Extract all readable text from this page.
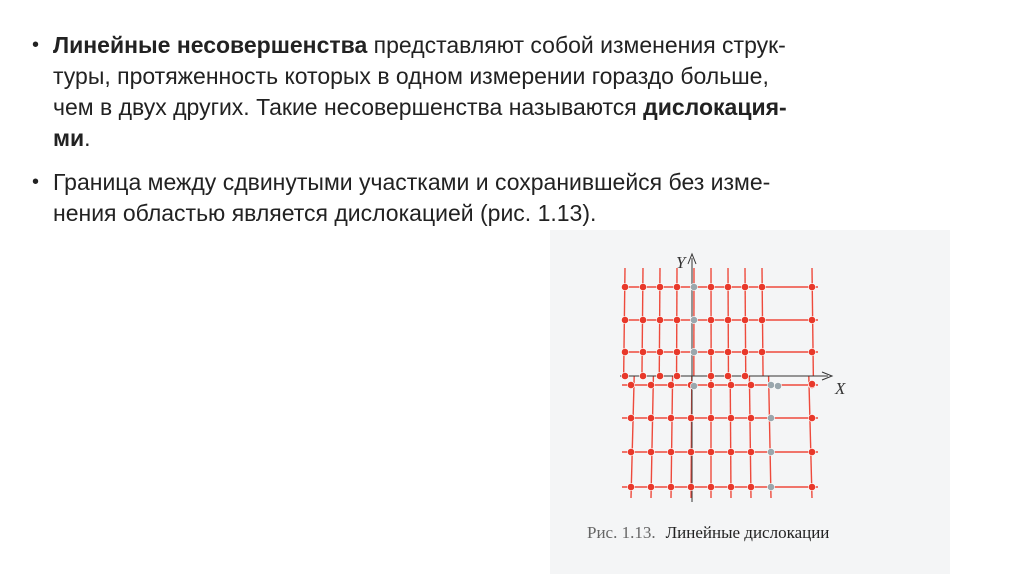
• Линейные несовершенства представляют собой изменения струк-
туры, протяженность которых в одном измерении гораздо больше,
чем в двух других. Такие несовершенства называются дислокация-
ми.
• Граница между сдвинутыми участками и сохранившейся без изме-
нения областью является дислокацией (рис. 1.13).
Y
X
Рис. 1.13. Линейные дислокации
